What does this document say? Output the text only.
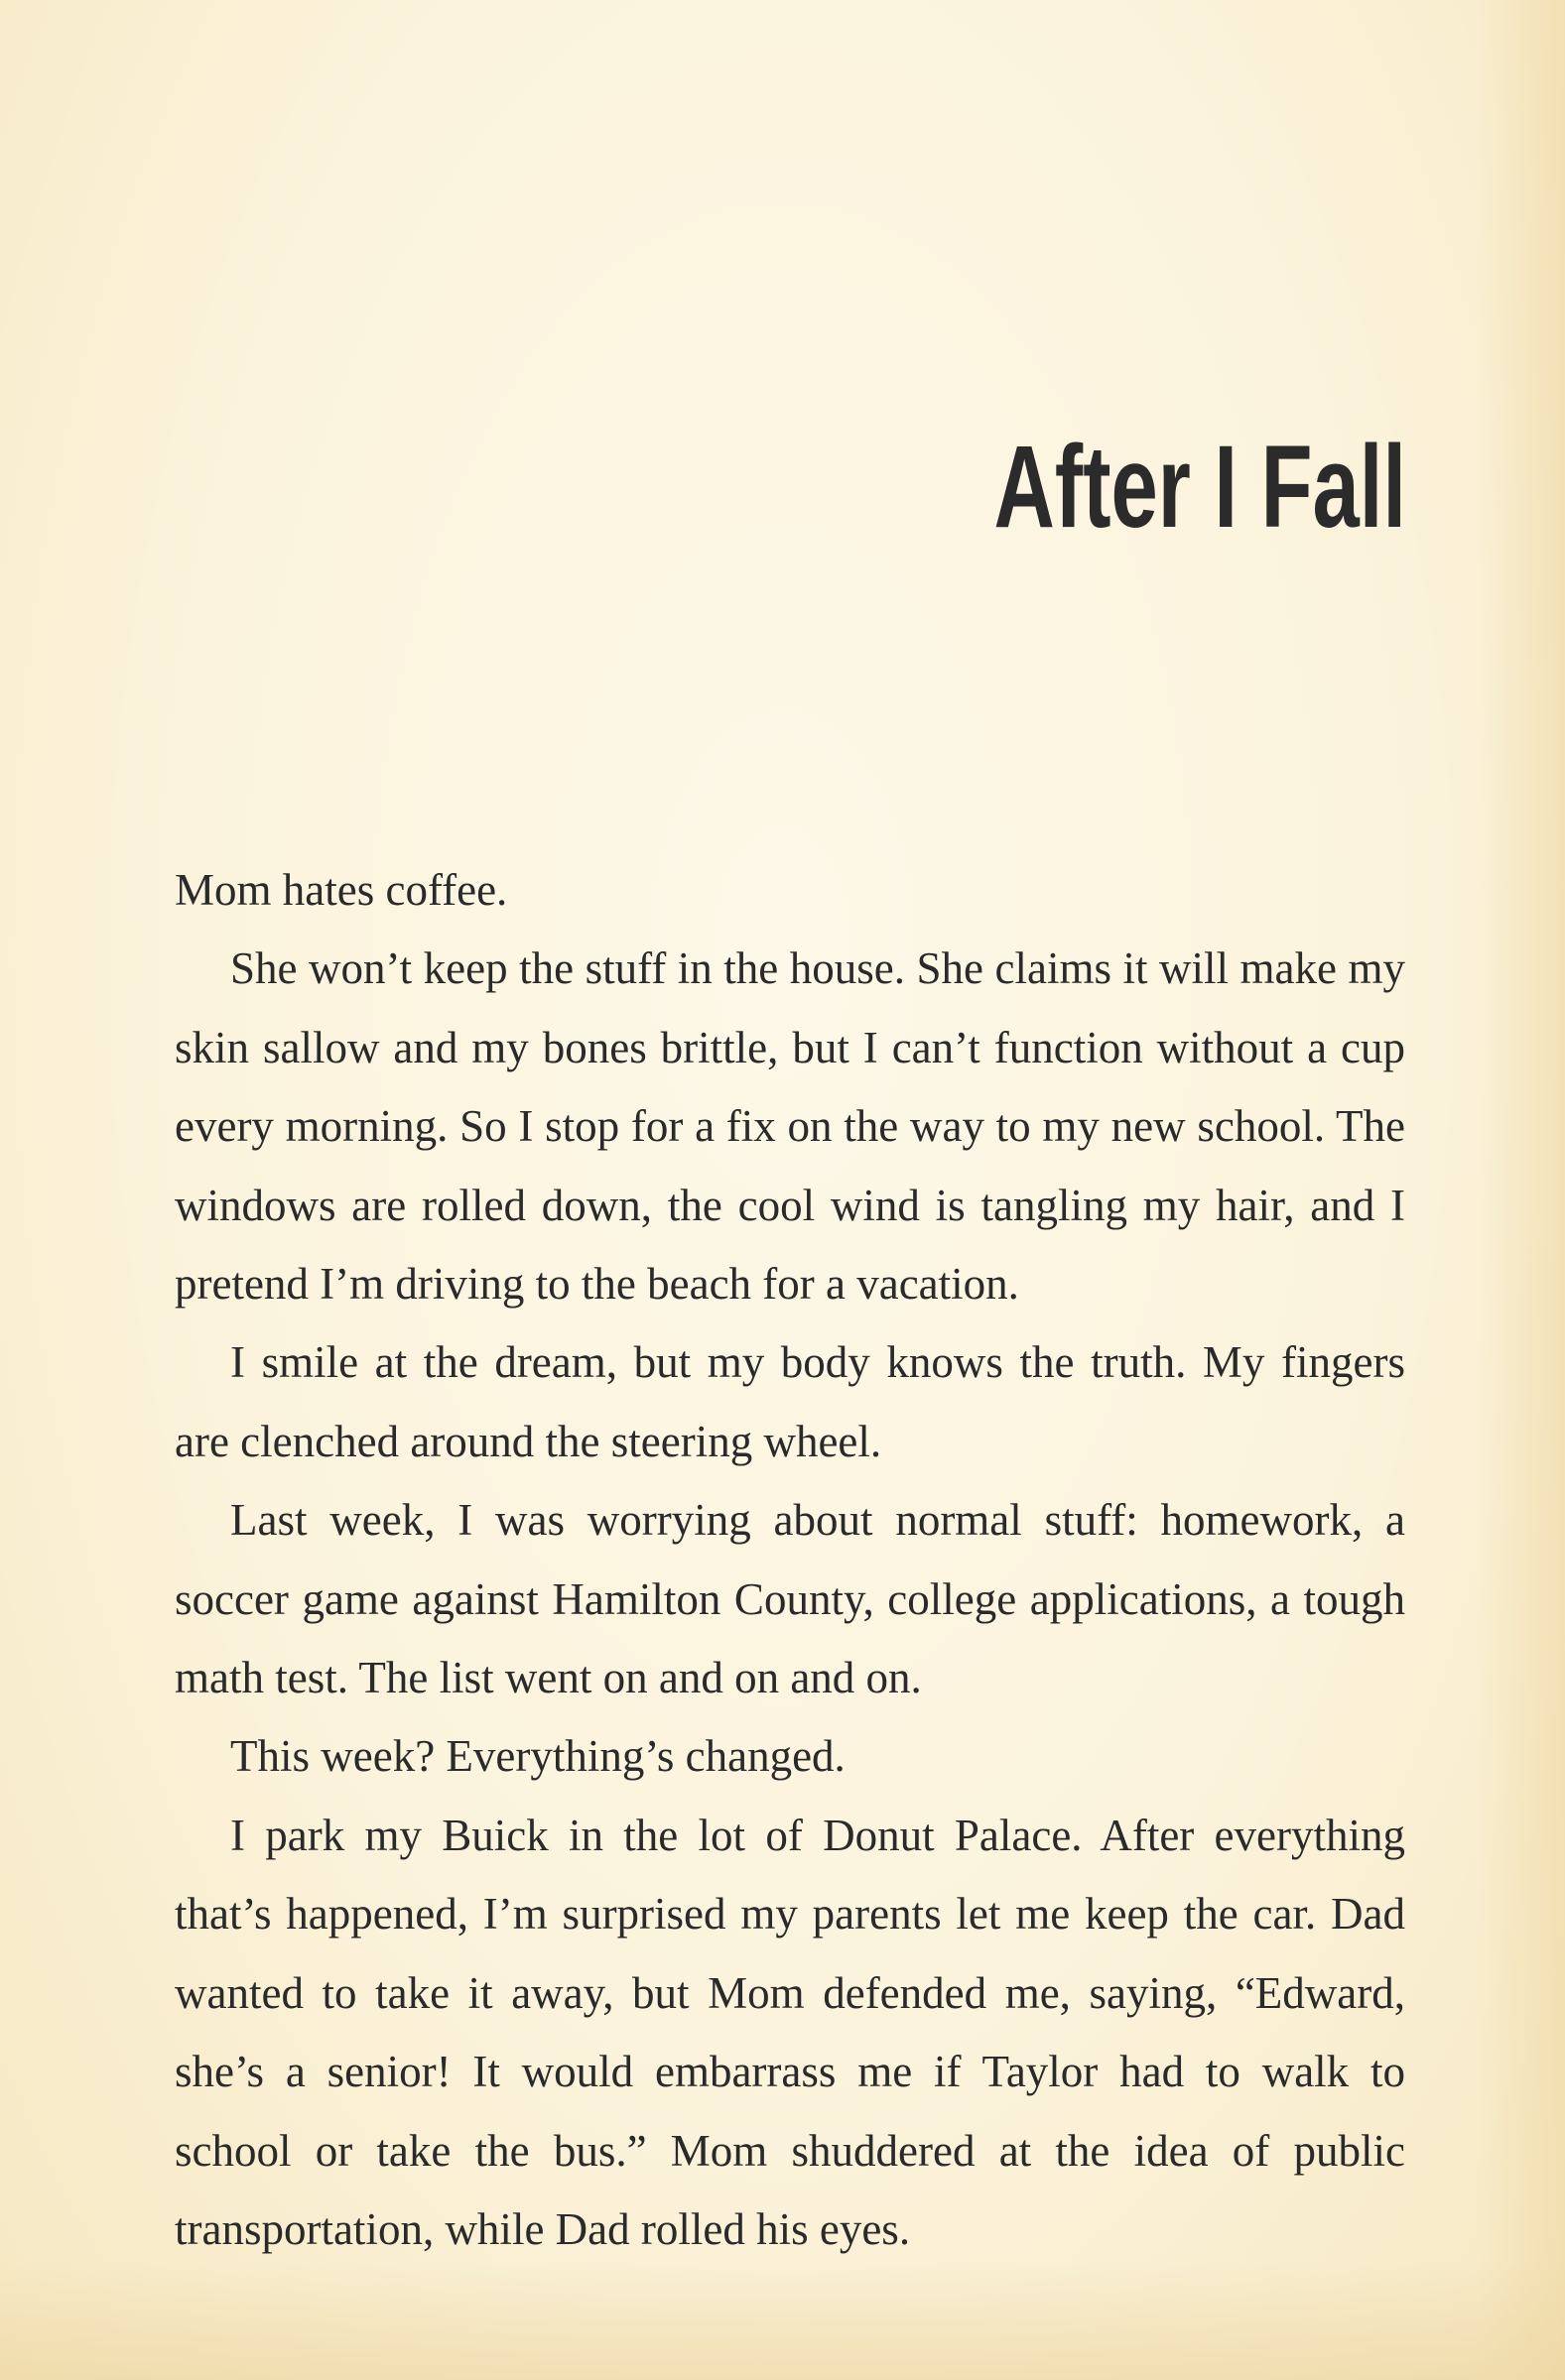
After I Fall

Mom hates coffee.

She won’t keep the stuff in the house. She claims it will make my skin sallow and my bones brittle, but I can’t function without a cup every morning. So I stop for a fix on the way to my new school. The windows are rolled down, the cool wind is tangling my hair, and I pretend I’m driving to the beach for a vacation.

I smile at the dream, but my body knows the truth. My fingers are clenched around the steering wheel.

Last week, I was worrying about normal stuff: homework, a soccer game against Hamilton County, college applications, a tough math test. The list went on and on and on.

This week? Everything’s changed.

I park my Buick in the lot of Donut Palace. After everything that’s happened, I’m surprised my parents let me keep the car. Dad wanted to take it away, but Mom defended me, saying, “Edward, she’s a senior! It would embarrass me if Taylor had to walk to school or take the bus.” Mom shuddered at the idea of public transportation, while Dad rolled his eyes.
